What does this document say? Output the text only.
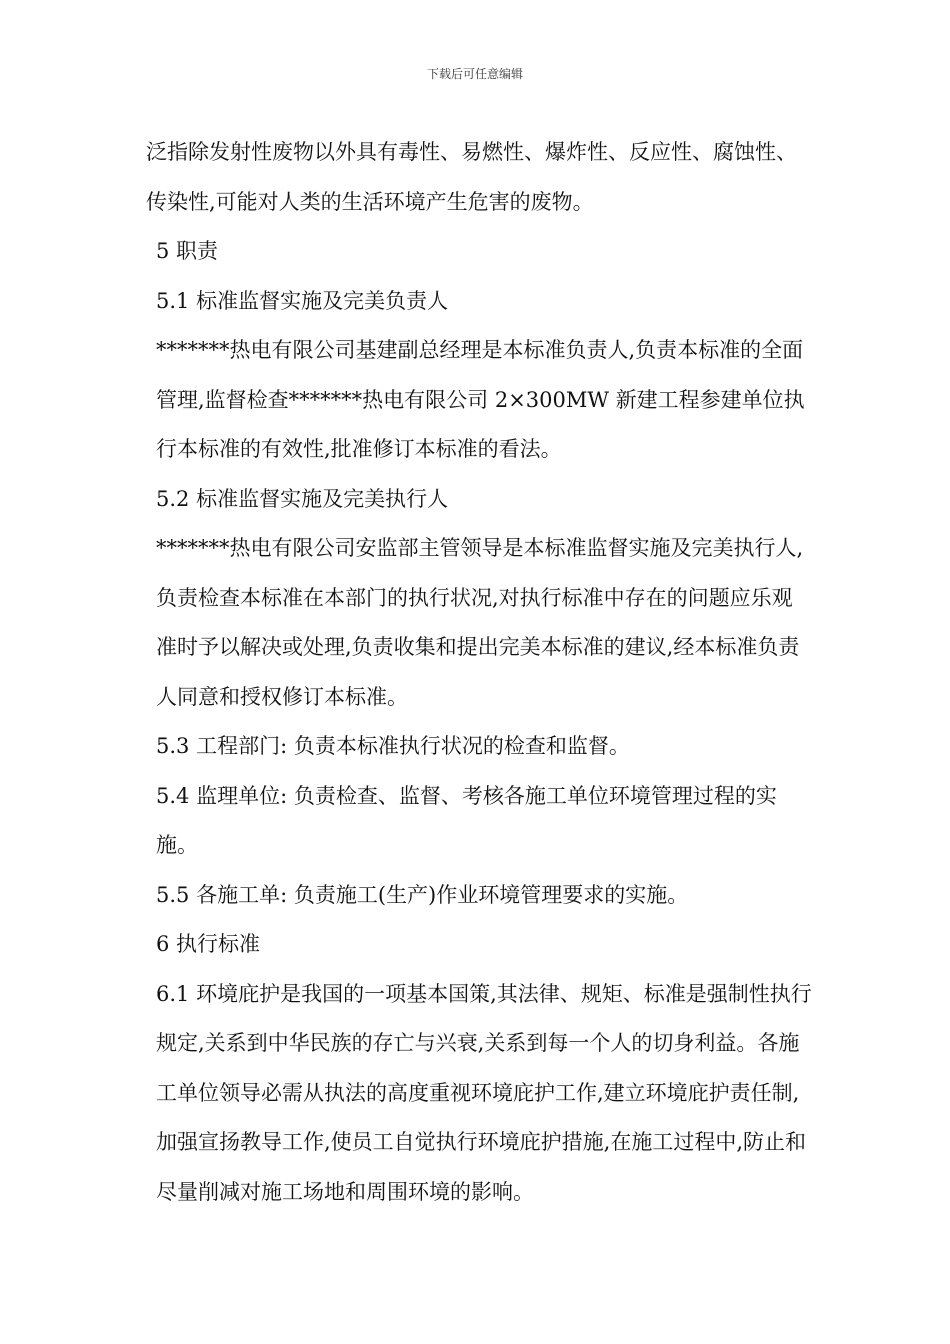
下载后可任意编辑

泛指除发射性废物以外具有毒性、易燃性、爆炸性、反应性、腐蚀性、传染性,可能对人类的生活环境产生危害的废物。

5 职责

5.1 标准监督实施及完美负责人

*******热电有限公司基建副总经理是本标准负责人,负责本标准的全面管理,监督检查*******热电有限公司 2×300MW 新建工程参建单位执行本标准的有效性,批准修订本标准的看法。

5.2 标准监督实施及完美执行人

*******热电有限公司安监部主管领导是本标准监督实施及完美执行人,负责检查本标准在本部门的执行状况,对执行标准中存在的问题应乐观准时予以解决或处理,负责收集和提出完美本标准的建议,经本标准负责人同意和授权修订本标准。

5.3 工程部门: 负责本标准执行状况的检查和监督。

5.4 监理单位: 负责检查、监督、考核各施工单位环境管理过程的实施。

5.5 各施工单: 负责施工(生产)作业环境管理要求的实施。

6 执行标准

6.1 环境庇护是我国的一项基本国策,其法律、规矩、标准是强制性执行规定,关系到中华民族的存亡与兴衰,关系到每一个人的切身利益。各施工单位领导必需从执法的高度重视环境庇护工作,建立环境庇护责任制,加强宣扬教导工作,使员工自觉执行环境庇护措施,在施工过程中,防止和尽量削减对施工场地和周围环境的影响。
